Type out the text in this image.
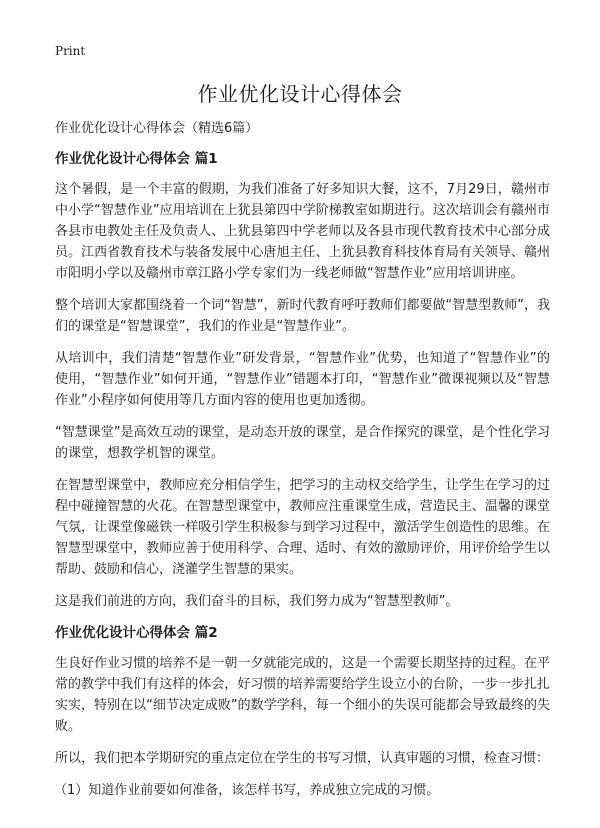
Print
作业优化设计心得体会

作业优化设计心得体会（精选6篇）

作业优化设计心得体会 篇1

这个暑假，是一个丰富的假期，为我们准备了好多知识大餐，这不，7月29日，赣州市中小学“智慧作业”应用培训在上犹县第四中学阶梯教室如期进行。这次培训会有赣州市各县市电教处主任及负责人、上犹县第四中学老师以及各县市现代教育技术中心部分成员。江西省教育技术与装备发展中心唐旭主任、上犹县教育科技体育局有关领导、赣州市阳明小学以及赣州市章江路小学专家们为一线老师做“智慧作业”应用培训讲座。

整个培训大家都围绕着一个词“智慧”，新时代教育呼吁教师们都要做“智慧型教师”，我们的课堂是“智慧课堂”，我们的作业是“智慧作业”。

从培训中，我们清楚“智慧作业”研发背景，“智慧作业”优势，也知道了“智慧作业”的使用，“智慧作业”如何开通，“智慧作业”错题本打印，“智慧作业”微课视频以及“智慧作业”小程序如何使用等几方面内容的使用也更加透彻。

“智慧课堂”是高效互动的课堂，是动态开放的课堂，是合作探究的课堂，是个性化学习的课堂，想教学机智的课堂。

在智慧型课堂中，教师应充分相信学生，把学习的主动权交给学生，让学生在学习的过程中碰撞智慧的火花。在智慧型课堂中，教师应注重课堂生成，营造民主、温馨的课堂气氛，让课堂像磁铁一样吸引学生积极参与到学习过程中，激活学生创造性的思维。在智慧型课堂中，教师应善于使用科学、合理、适时、有效的激励评价，用评价给学生以帮助、鼓励和信心，浇灌学生智慧的果实。

这是我们前进的方向，我们奋斗的目标，我们努力成为“智慧型教师”。

作业优化设计心得体会 篇2

生良好作业习惯的培养不是一朝一夕就能完成的，这是一个需要长期坚持的过程。在平常的教学中我们有这样的体会，好习惯的培养需要给学生设立小的台阶，一步一步扎扎实实，特别在以“细节决定成败”的数学学科，每一个细小的失误可能都会导致最终的失败。

所以，我们把本学期研究的重点定位在学生的书写习惯，认真审题的习惯，检查习惯：

（1）知道作业前要如何准备，该怎样书写，养成独立完成的习惯。
